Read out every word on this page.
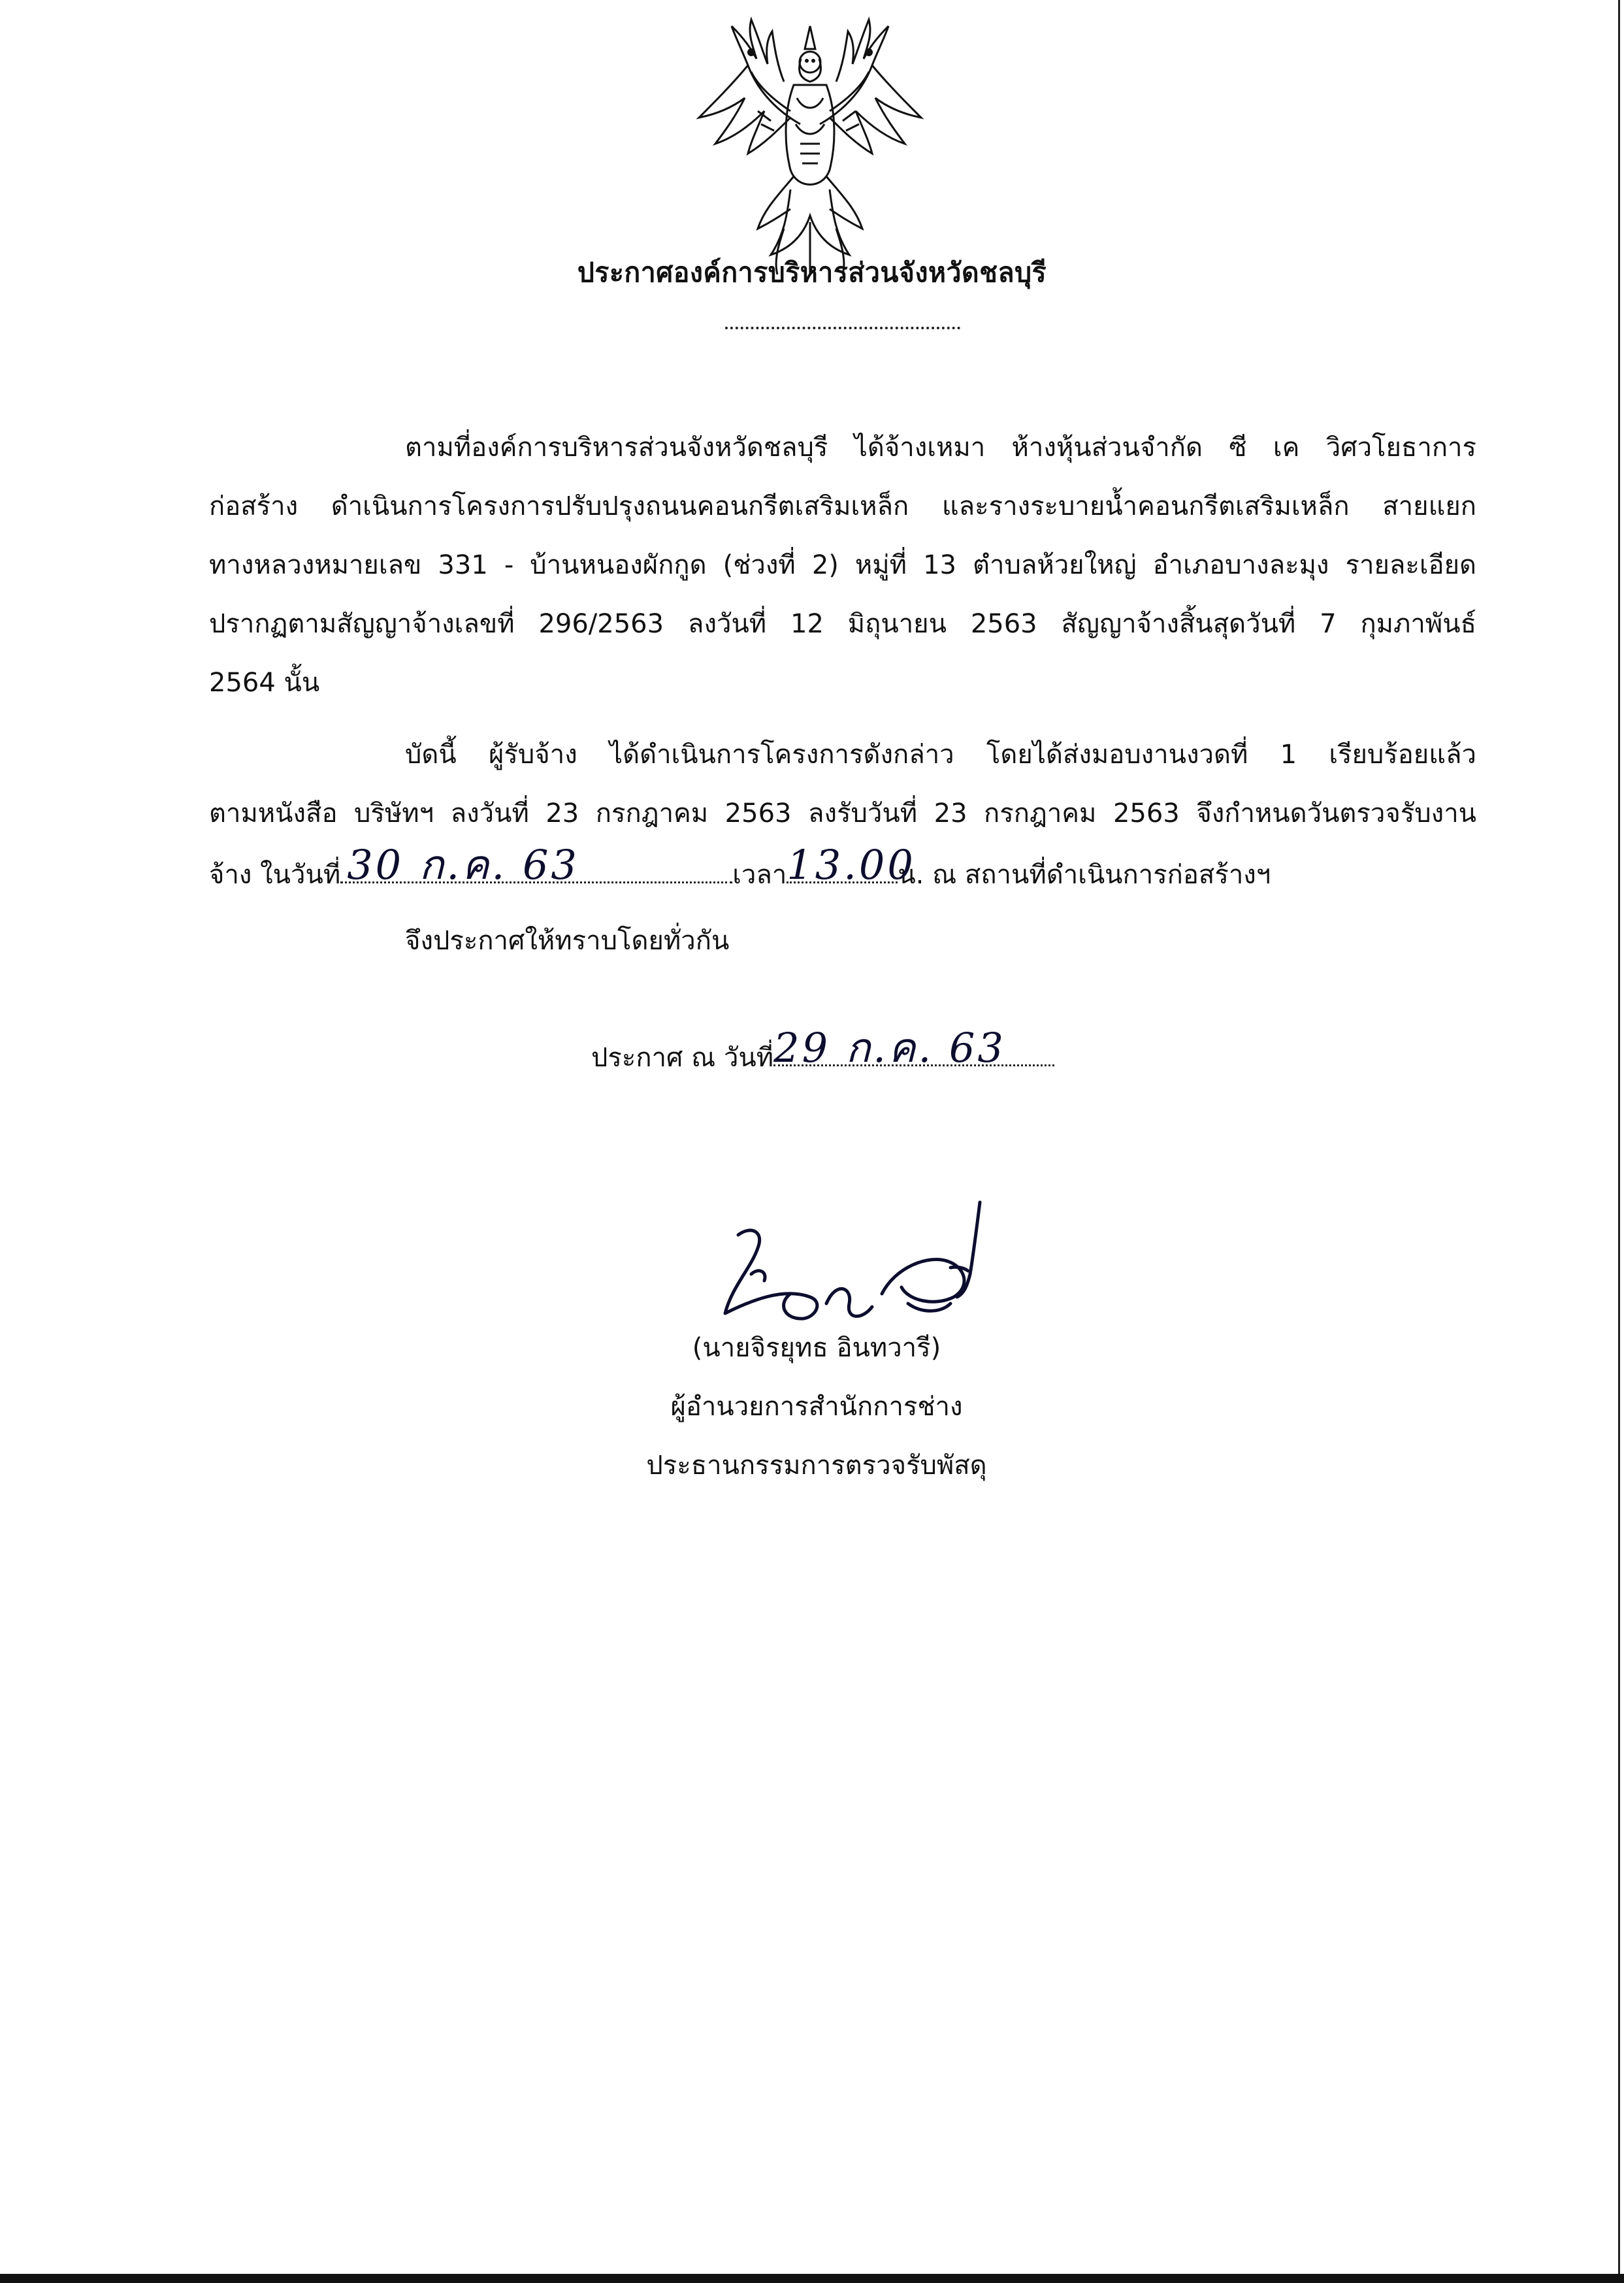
ประกาศองค์การบริหารส่วนจังหวัดชลบุรี
ตามที่องค์การบริหารส่วนจังหวัดชลบุรี ได้จ้างเหมา ห้างหุ้นส่วนจำกัด ซี เค วิศวโยธาการ
ก่อสร้าง ดำเนินการโครงการปรับปรุงถนนคอนกรีตเสริมเหล็ก และรางระบายน้ำคอนกรีตเสริมเหล็ก สายแยก
ทางหลวงหมายเลข 331 - บ้านหนองผักกูด (ช่วงที่ 2) หมู่ที่ 13 ตำบลห้วยใหญ่ อำเภอบางละมุง รายละเอียด
ปรากฏตามสัญญาจ้างเลขที่ 296/2563 ลงวันที่ 12 มิถุนายน 2563 สัญญาจ้างสิ้นสุดวันที่ 7 กุมภาพันธ์
2564 นั้น
บัดนี้ ผู้รับจ้าง ได้ดำเนินการโครงการดังกล่าว โดยได้ส่งมอบงานงวดที่ 1 เรียบร้อยแล้ว
ตามหนังสือ บริษัทฯ ลงวันที่ 23 กรกฎาคม 2563 ลงรับวันที่ 23 กรกฎาคม 2563 จึงกำหนดวันตรวจรับงาน
จ้าง ในวันที่ 30 ก.ค. 63	เวลา 13.00
น. ณ สถานที่ดำเนินการก่อสร้างฯ
จึงประกาศให้ทราบโดยทั่วกัน
ประกาศ ณ วันที่ 29 ก.ค. 63
(นายจิรยุทธ อินทวารี)
ผู้อำนวยการสำนักการช่าง
ประธานกรรมการตรวจรับพัสดุ
